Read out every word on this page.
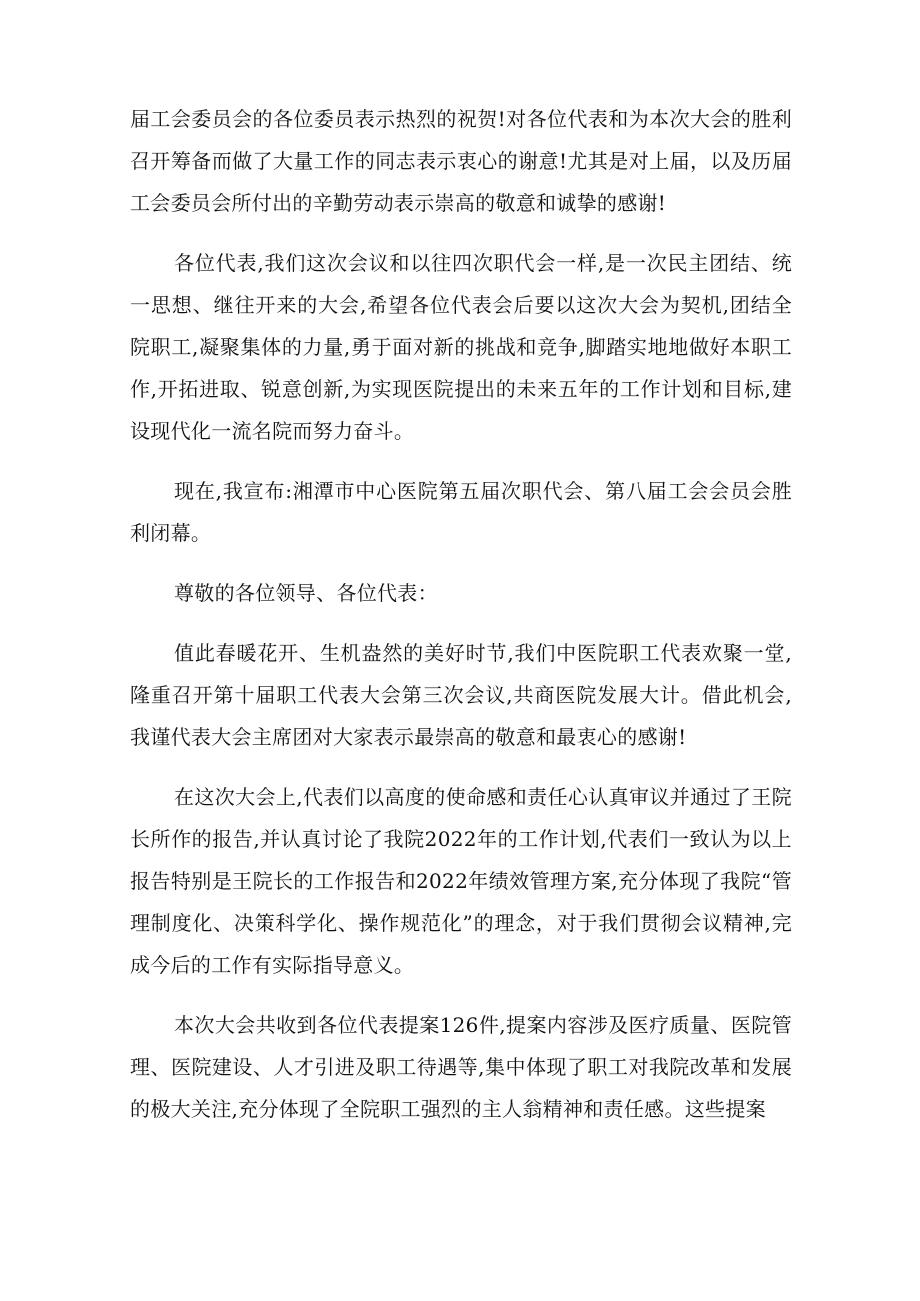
届工会委员会的各位委员表示热烈的祝贺!对各位代表和为本次大会的胜利召开筹备而做了大量工作的同志表示衷心的谢意!尤其是对上届，以及历届工会委员会所付出的辛勤劳动表示崇高的敬意和诚挚的感谢!

各位代表,我们这次会议和以往四次职代会一样,是一次民主团结、统一思想、继往开来的大会,希望各位代表会后要以这次大会为契机,团结全院职工,凝聚集体的力量,勇于面对新的挑战和竞争,脚踏实地地做好本职工作,开拓进取、锐意创新,为实现医院提出的未来五年的工作计划和目标,建设现代化一流名院而努力奋斗。

现在,我宣布:湘潭市中心医院第五届次职代会、第八届工会会员会胜利闭幕。

尊敬的各位领导、各位代表：

值此春暖花开、生机盎然的美好时节,我们中医院职工代表欢聚一堂,隆重召开第十届职工代表大会第三次会议,共商医院发展大计。借此机会,我谨代表大会主席团对大家表示最崇高的敬意和最衷心的感谢!

在这次大会上,代表们以高度的使命感和责任心认真审议并通过了王院长所作的报告,并认真讨论了我院2022年的工作计划,代表们一致认为以上报告特别是王院长的工作报告和2022年绩效管理方案,充分体现了我院“管理制度化、决策科学化、操作规范化”的理念，对于我们贯彻会议精神,完成今后的工作有实际指导意义。

本次大会共收到各位代表提案126件,提案内容涉及医疗质量、医院管理、医院建设、人才引进及职工待遇等,集中体现了职工对我院改革和发展的极大关注,充分体现了全院职工强烈的主人翁精神和责任感。这些提案
